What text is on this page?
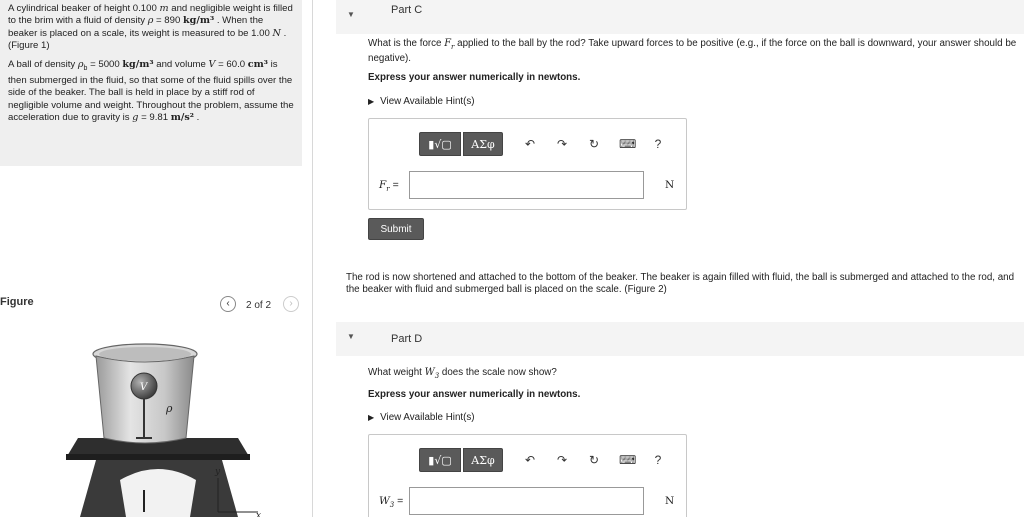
A cylindrical beaker of height 0.100 m and negligible weight is filled to the brim with a fluid of density ρ = 890 kg/m³ . When the beaker is placed on a scale, its weight is measured to be 1.00 N . (Figure 1)

A ball of density $\rho_b = 5000$ kg/m³ and volume V = 60.0 cm³ is then submerged in the fluid, so that some of the fluid spills over the side of the beaker. The ball is held in place by a stiff rod of negligible volume and weight. Throughout the problem, assume the acceleration due to gravity is g = 9.81 m/s² .

Figure	‹	2 of 2	›
V
ρ
y
x
▼	Part C
What is the force $F_r$ applied to the ball by the rod? Take upward forces to be positive (e.g., if the force on the ball is downward, your answer should be negative).
Express your answer numerically in newtons.
▶ View Available Hint(s)
▮√▢	ΑΣφ	↶ ↷ ↻ ⌨	?
$F_r$ =	N
Submit
The rod is now shortened and attached to the bottom of the beaker. The beaker is again filled with fluid, the ball is submerged and attached to the rod, and the beaker with fluid and submerged ball is placed on the scale. (Figure 2)
▼	Part D
What weight $W_3$ does the scale now show?
Express your answer numerically in newtons.
▶ View Available Hint(s)
▮√▢	ΑΣφ	↶ ↷ ↻ ⌨	?
$W_3$ =	N
